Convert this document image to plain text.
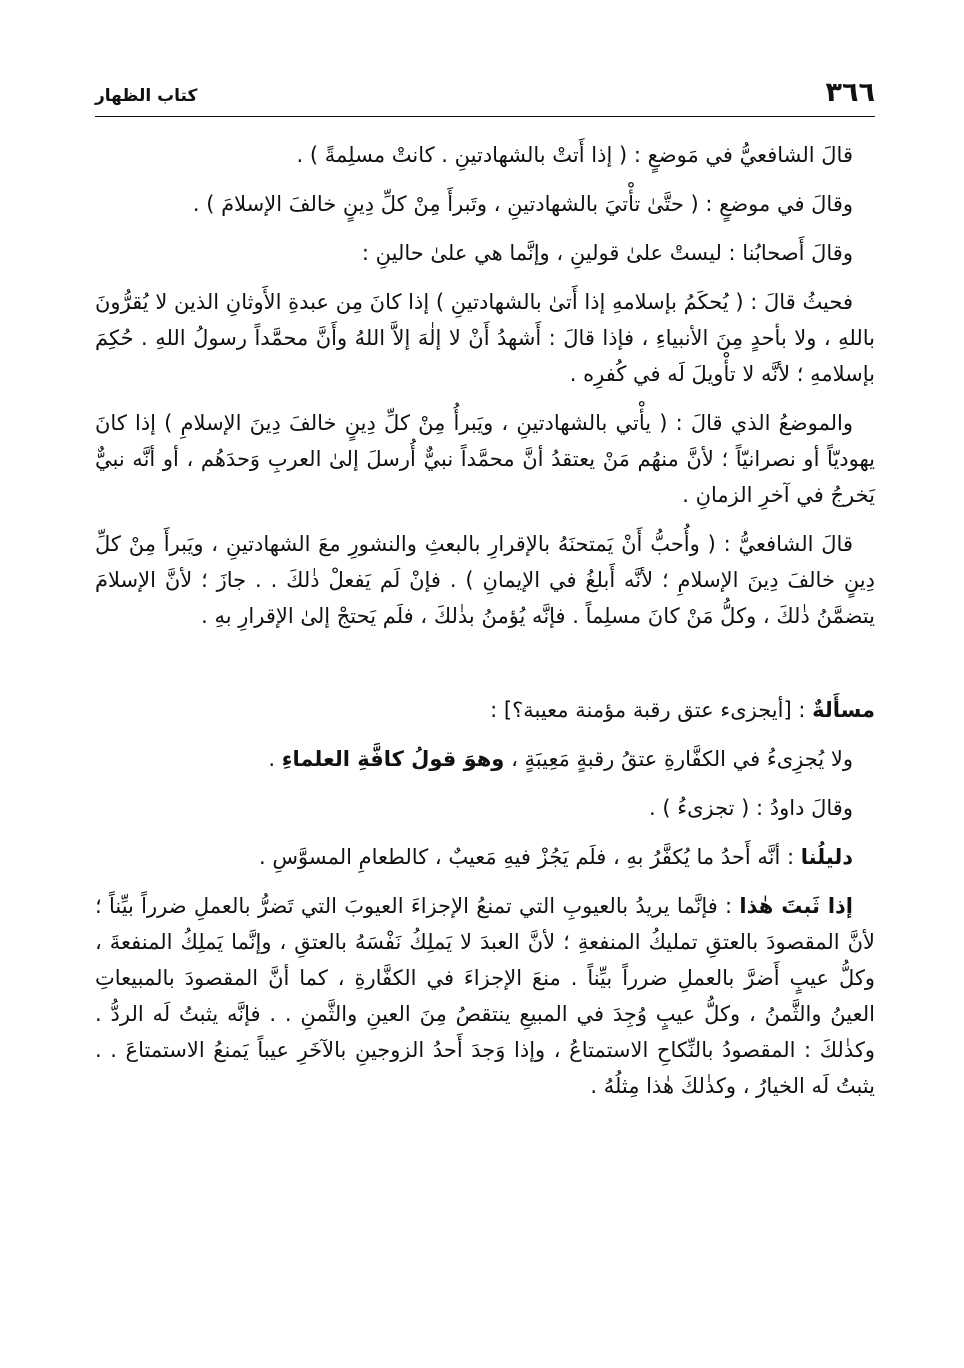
٣٦٦
كتاب الظهار

قالَ الشافعيُّ في مَوضعٍ : ( إذا أَتتْ بالشهادتينِ . كانتْ مسلِمةً ) .

وقالَ في موضعٍ : ( حتَّىٰ تأْتيَ بالشهادتينِ ، وتَبرأَ مِنْ كلِّ دِينٍ خالفَ الإسلامَ ) .

وقالَ أَصحابُنا : ليستْ علىٰ قولينِ ، وإنَّما هي علىٰ حالينِ :

فحيثُ قالَ : ( يُحكَمُ بإسلامهِ إذا أَتىٰ بالشهادتينِ ) إذا كانَ مِن عبدةِ الأَوثانِ الذين لا يُقرُّونَ باللهِ ، ولا بأحدٍ مِنَ الأنبياءِ ، فإذا قالَ : أَشهدُ أَنْ لا إلٰهَ إلاَّ اللهُ وأَنَّ محمَّداً رسولُ اللهِ . حُكِمَ بإسلامهِ ؛ لأنَّه لا تأْويلَ لَه في كُفرِه .

والموضعُ الذي قالَ : ( يأْتي بالشهادتينِ ، ويَبرأُ مِنْ كلِّ دِينٍ خالفَ دِينَ الإسلامِ ) إذا كانَ يهوديّاً أو نصرانيّاً ؛ لأنَّ منهُم مَنْ يعتقدُ أنَّ محمَّداً نبيٌّ أُرسلَ إلىٰ العربِ وَحدَهُم ، أو أنَّه نبيٌّ يَخرجُ في آخرِ الزمانِ .

قالَ الشافعيُّ : ( وأُحبُّ أَنْ يَمتحنَهُ بالإقرارِ بالبعثِ والنشورِ معَ الشهادتينِ ، ويَبرأَ مِنْ كلِّ دِينٍ خالفَ دِينَ الإسلامِ ؛ لأنَّه أَبلغُ في الإيمانِ ) . فإنْ لَم يَفعلْ ذٰلكَ . . جازَ ؛ لأنَّ الإسلامَ يتضمَّنُ ذٰلكَ ، وكلُّ مَنْ كانَ مسلِماً . فإنَّه يُؤمنُ بذٰلكَ ، فلَم يَحتجْ إلىٰ الإقرارِ بهِ .

مسأَلةٌ : [أيجزىء عتق رقبة مؤمنة معيبة؟] :

ولا يُجزِىءُ في الكفَّارةِ عتقُ رقبةٍ مَعِيبَةٍ ، وهوَ قولُ كافَّةِ العلماءِ .

وقالَ داودُ : ( تجزىءُ ) .

دليلُنا : أنَّه أَحدُ ما يُكفَّرُ بهِ ، فلَم يَجُزْ فيهِ مَعيبٌ ، كالطعامِ المسوَّسِ .

إذا ثَبتَ هٰذا : فإنَّما يريدُ بالعيوبِ التي تمنعُ الإجزاءَ العيوبَ التي تَضرُّ بالعملِ ضرراً بيِّناً ؛ لأنَّ المقصودَ بالعتقِ تمليكُ المنفعةِ ؛ لأنَّ العبدَ لا يَملِكُ نَفْسَهُ بالعتقِ ، وإنَّما يَملِكُ المنفعةَ ، وكلُّ عيبٍ أَضرَّ بالعملِ ضرراً بيِّناً . منعَ الإجزاءَ في الكفَّارةِ ، كما أنَّ المقصودَ بالمبيعاتِ العينُ والثَّمنُ ، وكلُّ عيبٍ وُجِدَ في المبيعِ ينتقصُ مِنَ العينِ والثَّمنِ . . فإنَّه يثبتُ لَه الردُّ . وكذٰلكَ : المقصودُ بالنِّكاحِ الاستمتاعُ ، وإذا وَجدَ أَحدُ الزوجينِ بالآخَرِ عيباً يَمنعُ الاستمتاعَ . . يثبتُ لَه الخيارُ ، وكذٰلكَ هٰذا مِثلُهُ .
